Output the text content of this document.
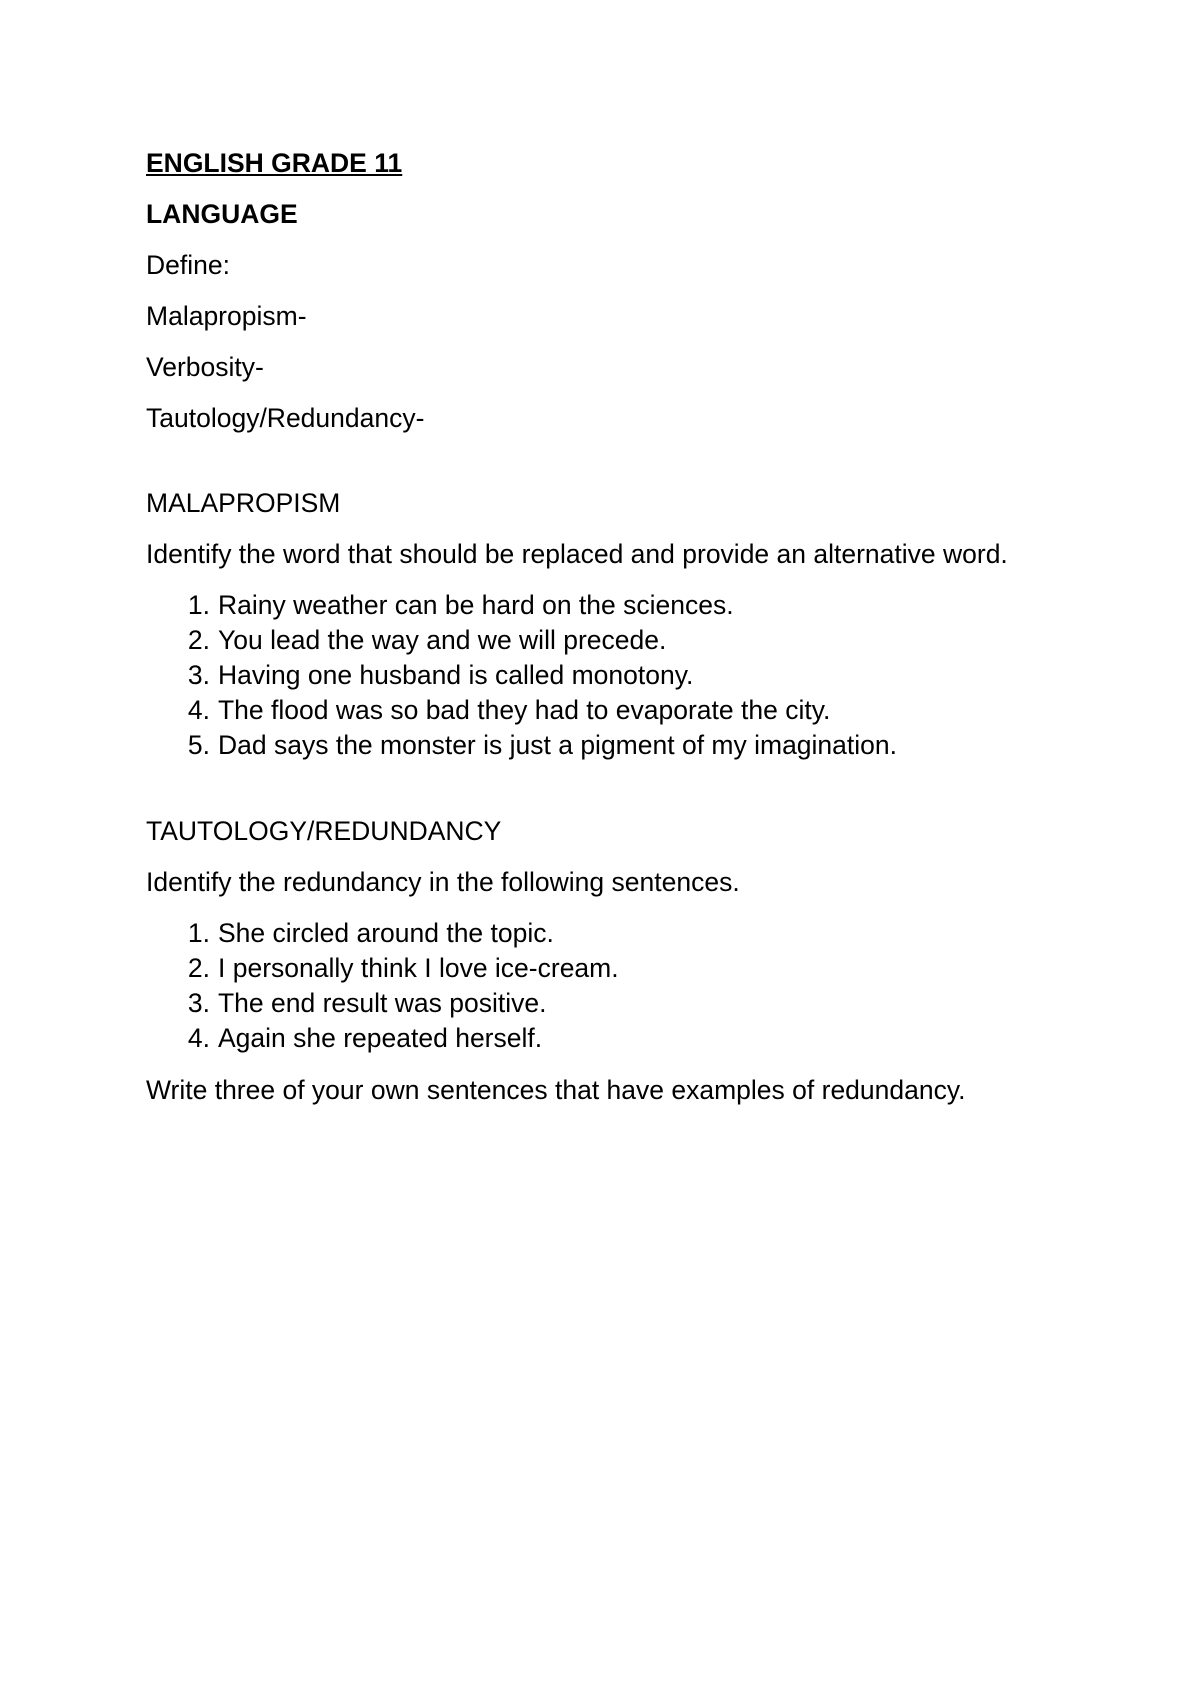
ENGLISH GRADE 11
LANGUAGE
Define:
Malapropism-
Verbosity-
Tautology/Redundancy-
MALAPROPISM
Identify the word that should be replaced and provide an alternative word.
1. Rainy weather can be hard on the sciences.
2. You lead the way and we will precede.
3. Having one husband is called monotony.
4. The flood was so bad they had to evaporate the city.
5. Dad says the monster is just a pigment of my imagination.
TAUTOLOGY/REDUNDANCY
Identify the redundancy in the following sentences.
1. She circled around the topic.
2. I personally think I love ice-cream.
3. The end result was positive.
4. Again she repeated herself.
Write three of your own sentences that have examples of redundancy.
